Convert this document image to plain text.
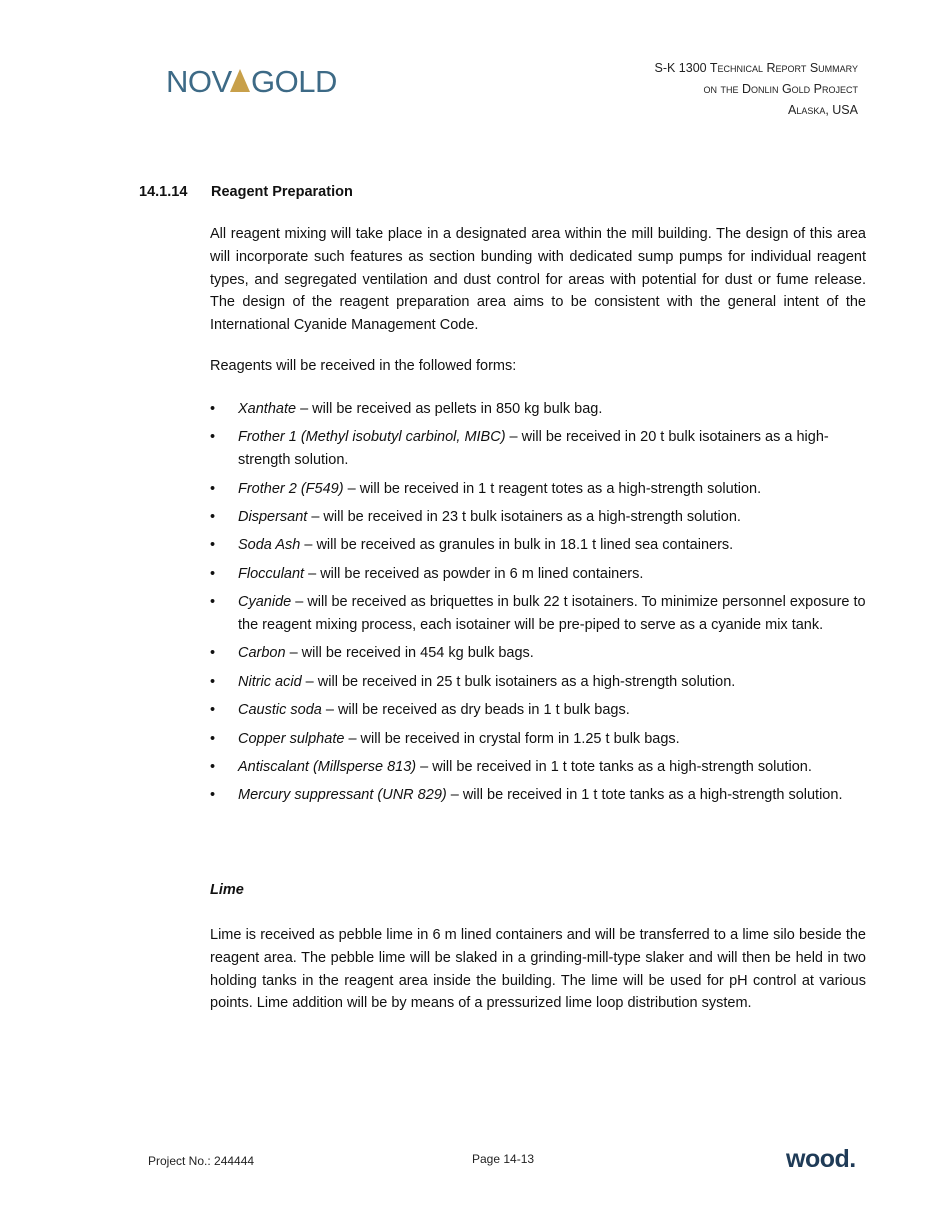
NOV GOLD	S-K 1300 Technical Report Summary
on the Donlin Gold Project
Alaska, USA
14.1.14	Reagent Preparation

All reagent mixing will take place in a designated area within the mill building. The design of this area will incorporate such features as section bunding with dedicated sump pumps for individual reagent types, and segregated ventilation and dust control for areas with potential for dust or fume release. The design of the reagent preparation area aims to be consistent with the general intent of the International Cyanide Management Code.

Reagents will be received in the followed forms:

• Xanthate – will be received as pellets in 850 kg bulk bag.
• Frother 1 (Methyl isobutyl carbinol, MIBC) – will be received in 20 t bulk isotainers as a high-strength solution.
• Frother 2 (F549) – will be received in 1 t reagent totes as a high-strength solution.
• Dispersant – will be received in 23 t bulk isotainers as a high-strength solution.
• Soda Ash – will be received as granules in bulk in 18.1 t lined sea containers.
• Flocculant – will be received as powder in 6 m lined containers.
• Cyanide – will be received as briquettes in bulk 22 t isotainers. To minimize personnel exposure to the reagent mixing process, each isotainer will be pre-piped to serve as a cyanide mix tank.
• Carbon – will be received in 454 kg bulk bags.
• Nitric acid – will be received in 25 t bulk isotainers as a high-strength solution.
• Caustic soda – will be received as dry beads in 1 t bulk bags.
• Copper sulphate – will be received in crystal form in 1.25 t bulk bags.
• Antiscalant (Millsperse 813) – will be received in 1 t tote tanks as a high-strength solution.
• Mercury suppressant (UNR 829) – will be received in 1 t tote tanks as a high-strength solution.
Lime

Lime is received as pebble lime in 6 m lined containers and will be transferred to a lime silo beside the reagent area. The pebble lime will be slaked in a grinding-mill-type slaker and will then be held in two holding tanks in the reagent area inside the building. The lime will be used for pH control at various points. Lime addition will be by means of a pressurized lime loop distribution system.

Project No.: 244444	Page 14-13	wood.
